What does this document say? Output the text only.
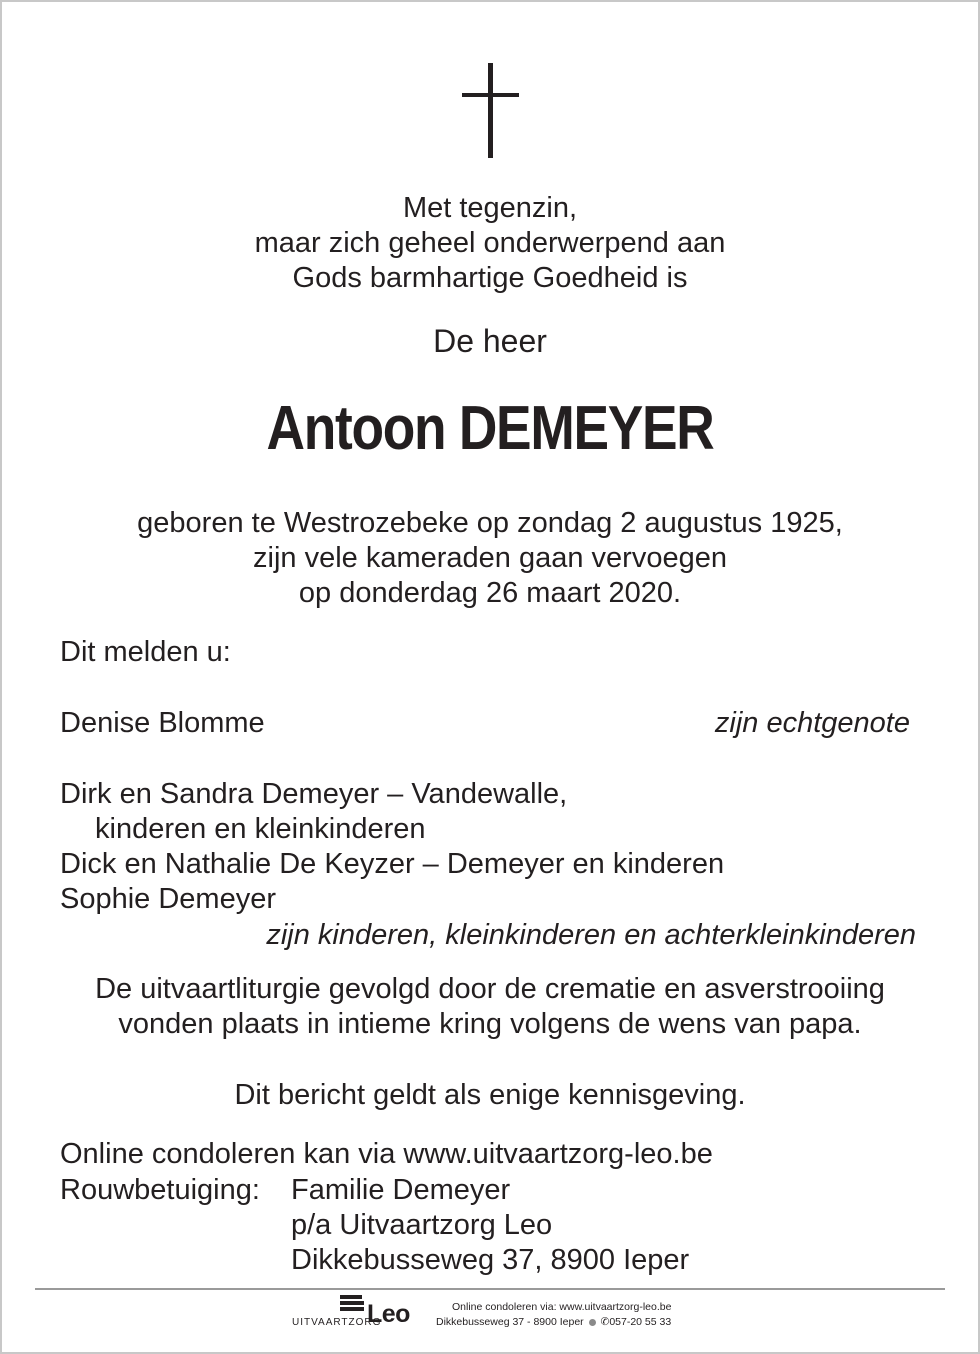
Met tegenzin,
maar zich geheel onderwerpend aan
Gods barmhartige Goedheid is
De heer
Antoon DEMEYER
geboren te Westrozebeke op zondag 2 augustus 1925,
zijn vele kameraden gaan vervoegen
op donderdag 26 maart 2020.
Dit melden u:
Denise Blomme	zijn echtgenote
Dirk en Sandra Demeyer – Vandewalle,
kinderen en kleinkinderen
Dick en Nathalie De Keyzer – Demeyer en kinderen
Sophie Demeyer
zijn kinderen, kleinkinderen en achterkleinkinderen
De uitvaartliturgie gevolgd door de crematie en asverstrooiing
vonden plaats in intieme kring volgens de wens van papa.
Dit bericht geldt als enige kennisgeving.
Online condoleren kan via www.uitvaartzorg-leo.be
Rouwbetuiging: Familie Demeyer
p/a Uitvaartzorg Leo
Dikkebusseweg 37, 8900 Ieper
UITVAARTZORG
Leo	Online condoleren via: www.uitvaartzorg-leo.be
Dikkebusseweg 37 - 8900 Ieper ✆057-20 55 33
